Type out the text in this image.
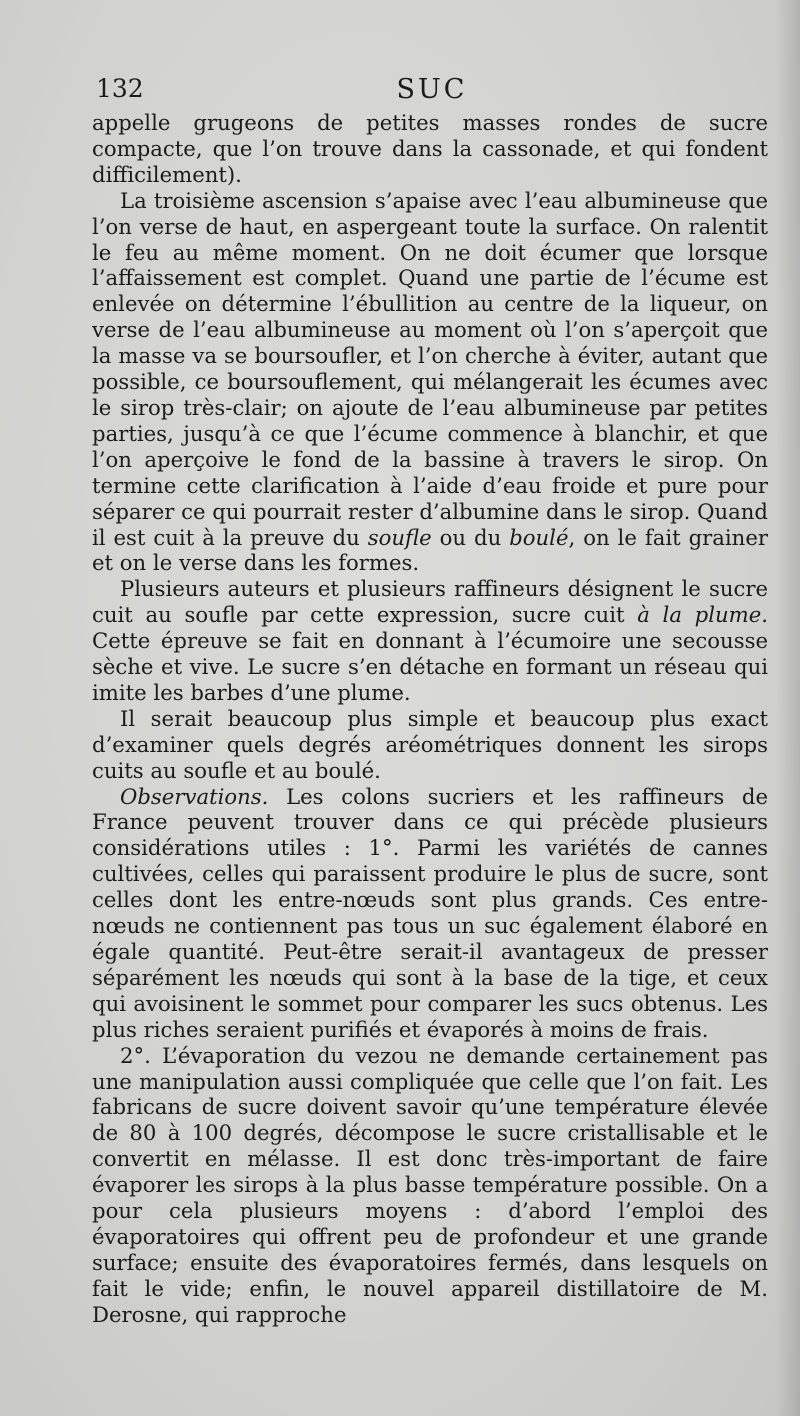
132	SUC

appelle grugeons de petites masses rondes de sucre compacte, que l’on trouve dans la cassonade, et qui fondent difficilement).

La troisième ascension s’apaise avec l’eau albumineuse que l’on verse de haut, en aspergeant toute la surface. On ralentit le feu au même moment. On ne doit écumer que lorsque l’affaissement est complet. Quand une partie de l’écume est enlevée on détermine l’ébullition au centre de la liqueur, on verse de l’eau albumineuse au moment où l’on s’aperçoit que la masse va se boursoufler, et l’on cherche à éviter, autant que possible, ce boursouflement, qui mélangerait les écumes avec le sirop très-clair; on ajoute de l’eau albumineuse par petites parties, jusqu’à ce que l’écume commence à blanchir, et que l’on aperçoive le fond de la bassine à travers le sirop. On termine cette clarification à l’aide d’eau froide et pure pour séparer ce qui pourrait rester d’albumine dans le sirop. Quand il est cuit à la preuve du soufle ou du boulé, on le fait grainer et on le verse dans les formes.

Plusieurs auteurs et plusieurs raffineurs désignent le sucre cuit au soufle par cette expression, sucre cuit à la plume. Cette épreuve se fait en donnant à l’écumoire une secousse sèche et vive. Le sucre s’en détache en formant un réseau qui imite les barbes d’une plume.

Il serait beaucoup plus simple et beaucoup plus exact d’examiner quels degrés aréométriques donnent les sirops cuits au soufle et au boulé.

Observations. Les colons sucriers et les raffineurs de France peuvent trouver dans ce qui précède plusieurs considérations utiles : 1°. Parmi les variétés de cannes cultivées, celles qui paraissent produire le plus de sucre, sont celles dont les entre-nœuds sont plus grands. Ces entre-nœuds ne contiennent pas tous un suc également élaboré en égale quantité. Peut-être serait-il avantageux de presser séparément les nœuds qui sont à la base de la tige, et ceux qui avoisinent le sommet pour comparer les sucs obtenus. Les plus riches seraient purifiés et évaporés à moins de frais.

2°. L’évaporation du vezou ne demande certainement pas une manipulation aussi compliquée que celle que l’on fait. Les fabricans de sucre doivent savoir qu’une température élevée de 80 à 100 degrés, décompose le sucre cristallisable et le convertit en mélasse. Il est donc très-important de faire évaporer les sirops à la plus basse température possible. On a pour cela plusieurs moyens : d’abord l’emploi des évaporatoires qui offrent peu de profondeur et une grande surface; ensuite des évaporatoires fermés, dans lesquels on fait le vide; enfin, le nouvel appareil distillatoire de M. Derosne, qui rapproche
